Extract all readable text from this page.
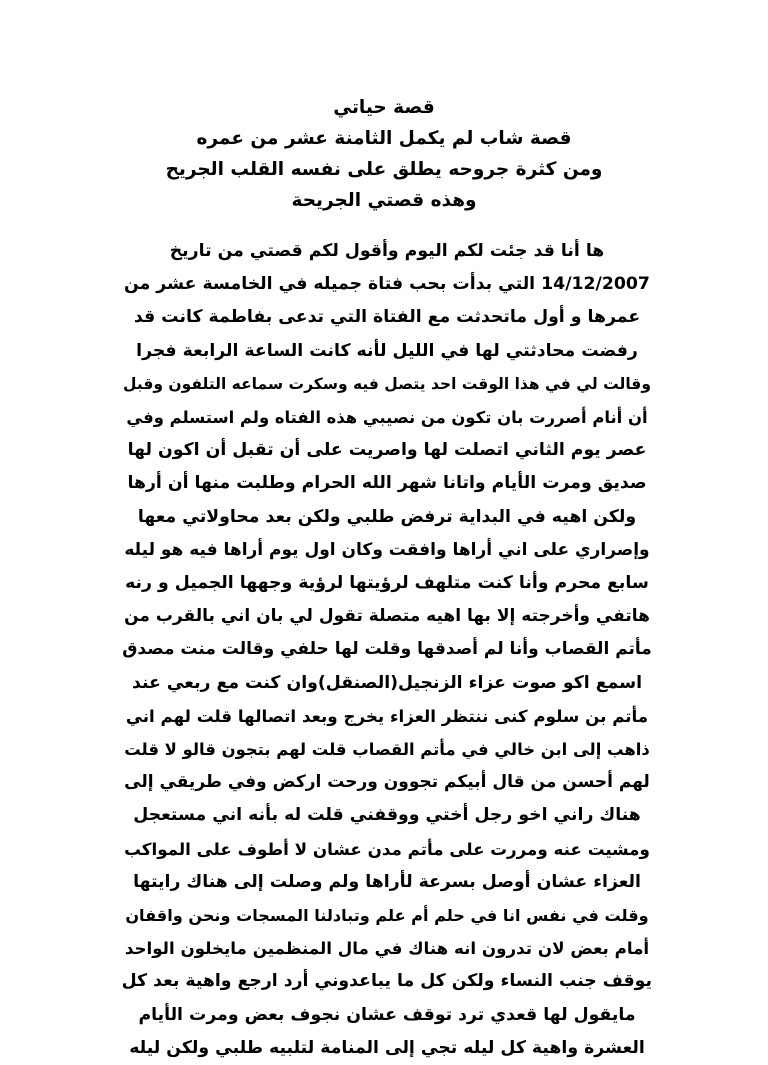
قصة حياتي
قصة شاب لم يكمل الثامنة عشر من عمره
ومن كثرة جروحه يطلق على نفسه القلب الجريح
وهذه قصتي الجريحة
ها أنا قد جئت لكم اليوم وأقول لكم قصتي من تاريخ
14/12/2007 التي بدأت بحب فتاة جميله في الخامسة عشر من
عمرها و أول ماتحدثت مع الفتاة التي تدعى بفاطمة كانت قد
رفضت محادثتي لها في الليل لأنه كانت الساعة الرابعة فجرا
وقالت لي في هذا الوقت احد يتصل فيه وسكرت سماعه التلفون وقبل
أن أنام أصررت بان تكون من نصيبي هذه الفتاه ولم استسلم وفي
عصر يوم الثاني اتصلت لها واصريت على أن تقبل أن اكون لها
صديق ومرت الأيام واتانا شهر الله الحرام وطلبت منها أن أرها
ولكن اهيه في البداية ترفض طلبي ولكن بعد محاولاتي معها
وإصراري على اني أراها وافقت وكان اول يوم أراها فيه هو ليله
سابع محرم وأنا كنت متلهف لرؤيتها لرؤية وجهها الجميل و رنه
هاتفي وأخرجته إلا بها اهيه متصلة تقول لي بان اني بالقرب من
مأتم القصاب وأنا لم أصدقها وقلت لها حلفي وقالت منت مصدق
اسمع اكو صوت عزاء الزنجيل(الصنقل)وان كنت مع ربعي عند
مأتم بن سلوم كنى ننتظر العزاء يخرج وبعد اتصالها قلت لهم اني
ذاهب إلى ابن خالي في مأتم القصاب قلت لهم بتجون قالو لا قلت
لهم أحسن من قال أبيكم تجوون ورحت اركض وفي طريقي إلى
هناك راني اخو رجل أختي ووقفني قلت له بأنه اني مستعجل
ومشيت عنه ومررت على مأتم مدن عشان لا أطوف على المواكب
العزاء عشان أوصل بسرعة لأراها ولم وصلت إلى هناك رايتها
وقلت في نفس انا في حلم أم علم وتبادلنا المسجات ونحن واقفان
أمام بعض لان تدرون انه هناك في مال المنظمين مايخلون الواحد
يوقف جنب النساء ولكن كل ما يباعدوني أرد ارجع واهية بعد كل
مايقول لها قعدي ترد توقف عشان نجوف بعض ومرت الأيام
العشرة واهية كل ليله تجي إلى المنامة لتلبيه طلبي ولكن ليله
